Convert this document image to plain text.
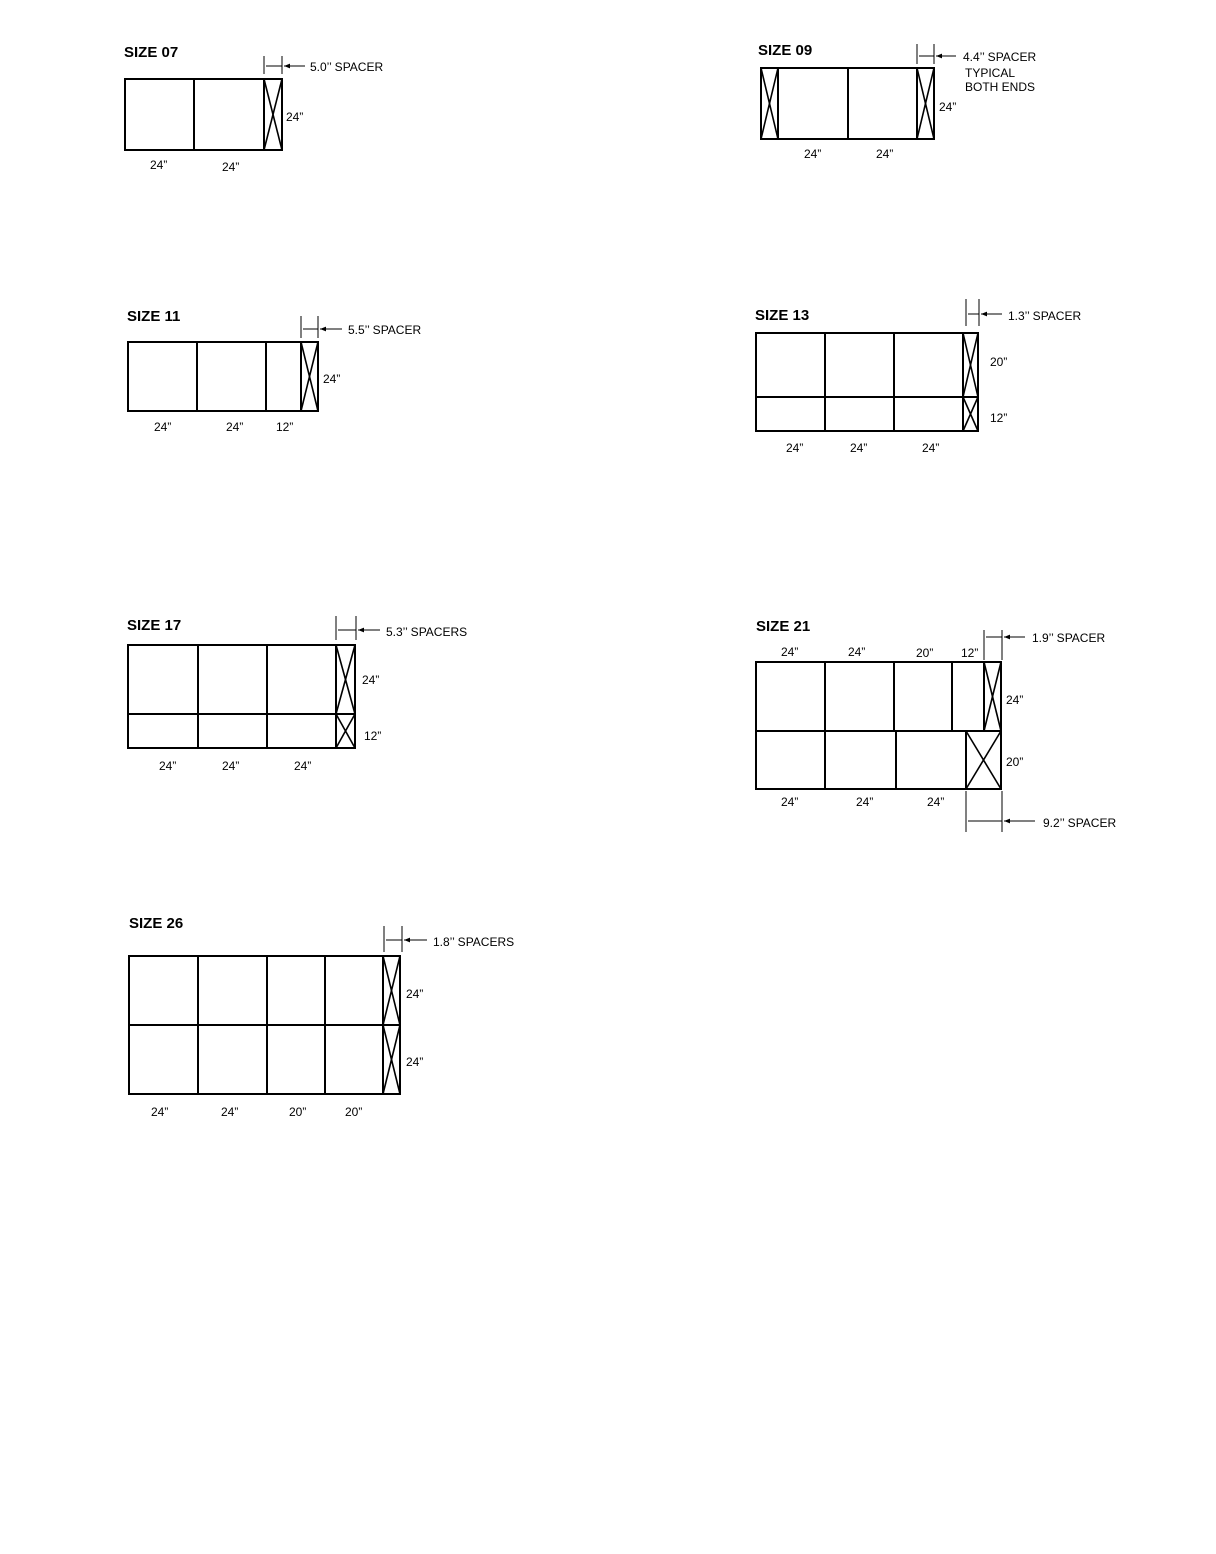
SIZE 07
5.0’’ SPACER
24”
24”	24”
SIZE 09	4.4’’ SPACER
TYPICAL
BOTH ENDS
24”
24”	24”
SIZE 11
5.5’’ SPACER
24”
24”	24”	12”
SIZE 13	1.3’’ SPACER
20”
12”
24”	24”	24”
SIZE 17	5.3’’ SPACERS
24”
12”
24”	24”	24”
SIZE 21
24”	24”	20” 12”
1.9’’ SPACER
24”
20”
24”	24”	24”
9.2’’ SPACER
SIZE 26
1.8’’ SPACERS
24”
24”
24”	24”	20”	20”
